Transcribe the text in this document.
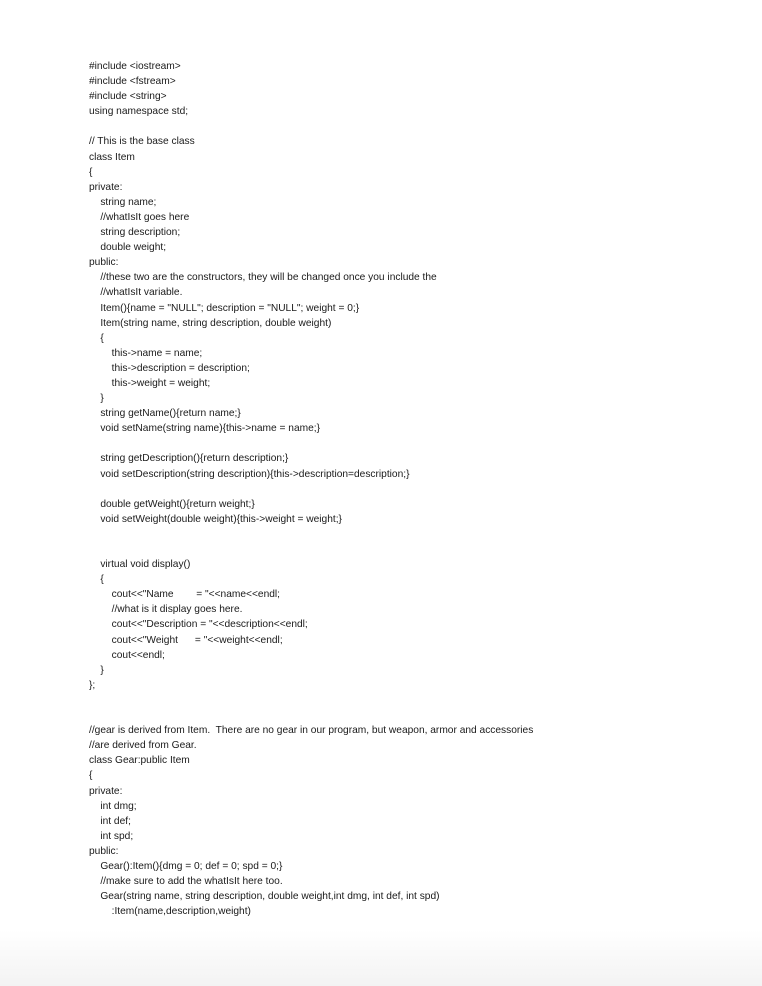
#include <iostream>
#include <fstream>
#include <string>
using namespace std;
// This is the base class
class Item
{
private:
string name;
//whatIsIt goes here
string description;
double weight;
public:
//these two are the constructors, they will be changed once you include the
//whatIsIt variable.
Item(){name = "NULL"; description = "NULL"; weight = 0;}
Item(string name, string description, double weight)
{
this->name = name;
this->description = description;
this->weight = weight;
}
string getName(){return name;}
void setName(string name){this->name = name;}
string getDescription(){return description;}
void setDescription(string description){this->description=description;}
double getWeight(){return weight;}
void setWeight(double weight){this->weight = weight;}
virtual void display()
{
cout<<"Name        = "<<name<<endl;
//what is it display goes here.
cout<<"Description = "<<description<<endl;
cout<<"Weight      = "<<weight<<endl;
cout<<endl;
}
};
//gear is derived from Item.  There are no gear in our program, but weapon, armor and accessories
//are derived from Gear.
class Gear:public Item
{
private:
int dmg;
int def;
int spd;
public:
Gear():Item(){dmg = 0; def = 0; spd = 0;}
//make sure to add the whatIsIt here too.
Gear(string name, string description, double weight,int dmg, int def, int spd)
:Item(name,description,weight)
